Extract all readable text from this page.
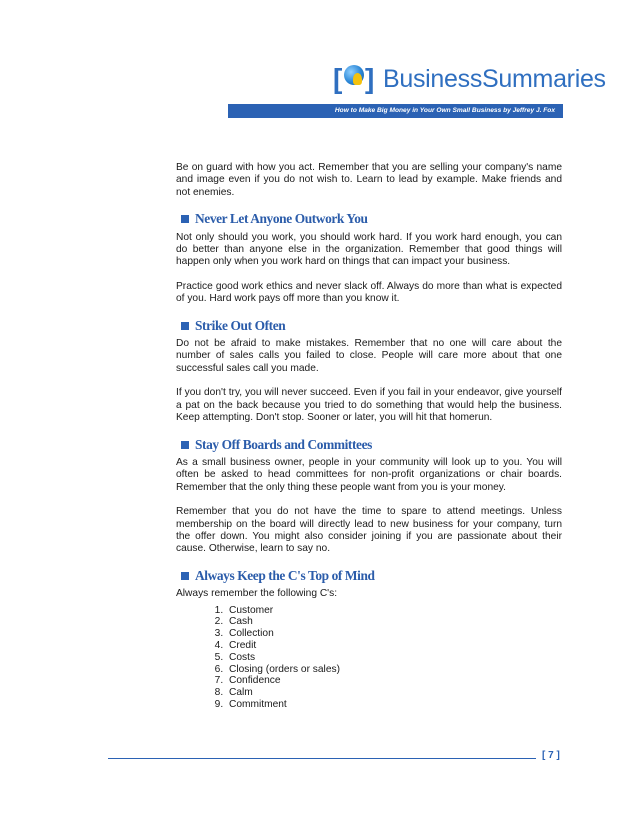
[ ] BusinessSummaries
How to Make Big Money in Your Own Small Business by Jeffrey J. Fox

Be on guard with how you act. Remember that you are selling your company's name and image even if you do not wish to. Learn to lead by example. Make friends and not enemies.

Never Let Anyone Outwork You

Not only should you work, you should work hard. If you work hard enough, you can do better than anyone else in the organization. Remember that good things will happen only when you work hard on things that can impact your business.

Practice good work ethics and never slack off. Always do more than what is expected of you. Hard work pays off more than you know it.

Strike Out Often

Do not be afraid to make mistakes. Remember that no one will care about the number of sales calls you failed to close. People will care more about that one successful sales call you made.

If you don't try, you will never succeed. Even if you fail in your endeavor, give yourself a pat on the back because you tried to do something that would help the business. Keep attempting. Don't stop. Sooner or later, you will hit that homerun.

Stay Off Boards and Committees

As a small business owner, people in your community will look up to you. You will often be asked to head committees for non-profit organizations or chair boards. Remember that the only thing these people want from you is your money.

Remember that you do not have the time to spare to attend meetings. Unless membership on the board will directly lead to new business for your company, turn the offer down. You might also consider joining if you are passionate about their cause. Otherwise, learn to say no.

Always Keep the C's Top of Mind

Always remember the following C's:

1. Customer
2. Cash
3. Collection
4. Credit
5. Costs
6. Closing (orders or sales)
7. Confidence
8. Calm
9. Commitment
[ 7 ]
